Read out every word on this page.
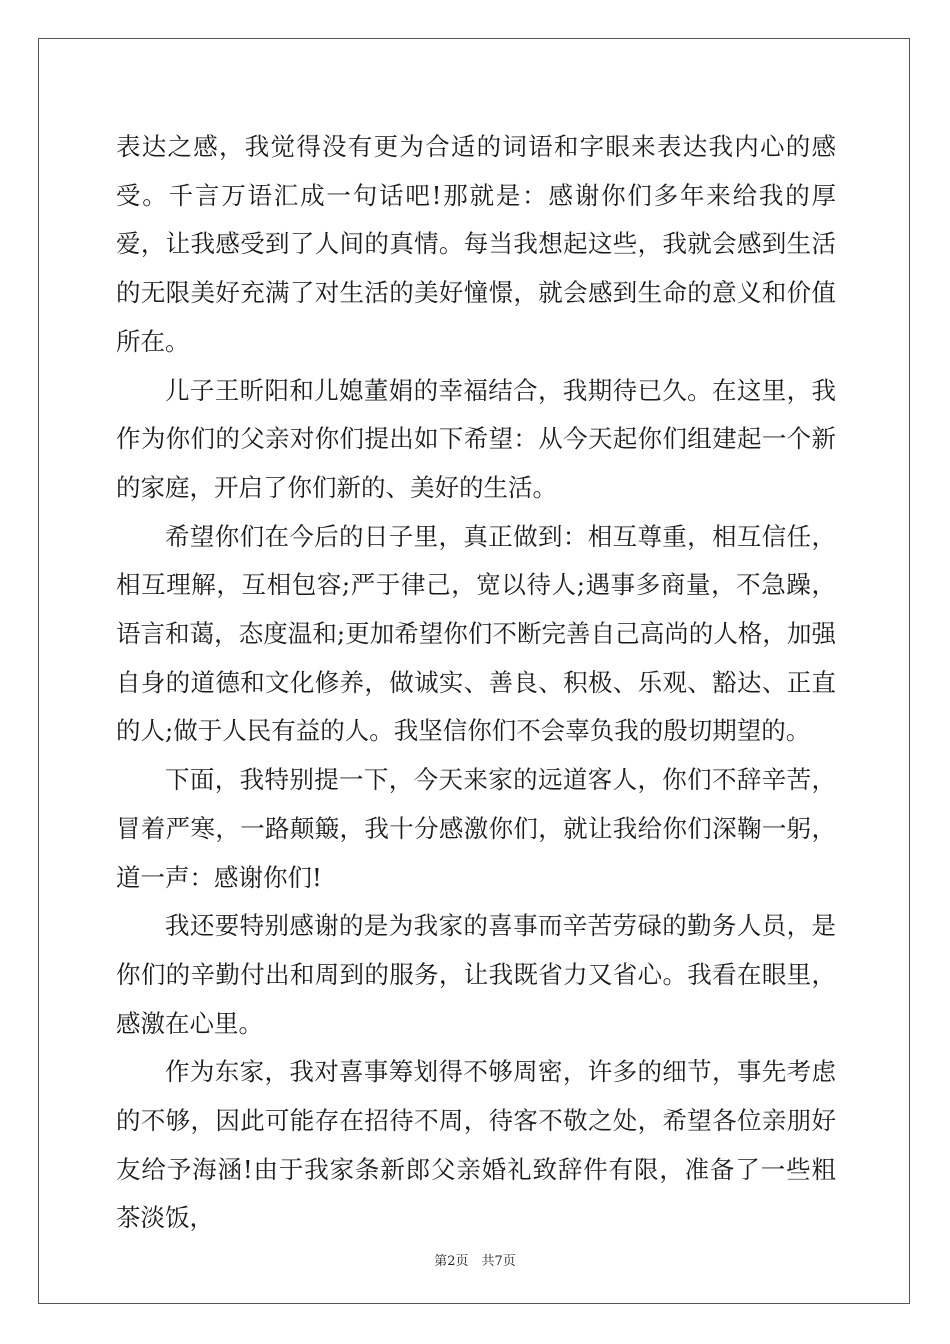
表达之感，我觉得没有更为合适的词语和字眼来表达我内心的感受。千言万语汇成一句话吧!那就是：感谢你们多年来给我的厚爱，让我感受到了人间的真情。每当我想起这些，我就会感到生活的无限美好充满了对生活的美好憧憬，就会感到生命的意义和价值所在。

儿子王昕阳和儿媳董娟的幸福结合，我期待已久。在这里，我作为你们的父亲对你们提出如下希望：从今天起你们组建起一个新的家庭，开启了你们新的、美好的生活。

希望你们在今后的日子里，真正做到：相互尊重，相互信任，相互理解，互相包容;严于律己，宽以待人;遇事多商量，不急躁，语言和蔼，态度温和;更加希望你们不断完善自己高尚的人格，加强自身的道德和文化修养，做诚实、善良、积极、乐观、豁达、正直的人;做于人民有益的人。我坚信你们不会辜负我的殷切期望的。

下面，我特别提一下，今天来家的远道客人，你们不辞辛苦，冒着严寒，一路颠簸，我十分感激你们，就让我给你们深鞠一躬，道一声：感谢你们!

我还要特别感谢的是为我家的喜事而辛苦劳碌的勤务人员，是你们的辛勤付出和周到的服务，让我既省力又省心。我看在眼里，感激在心里。

作为东家，我对喜事筹划得不够周密，许多的细节，事先考虑的不够，因此可能存在招待不周，待客不敬之处，希望各位亲朋好友给予海涵!由于我家条新郎父亲婚礼致辞件有限，准备了一些粗茶淡饭，

第2页　共7页
